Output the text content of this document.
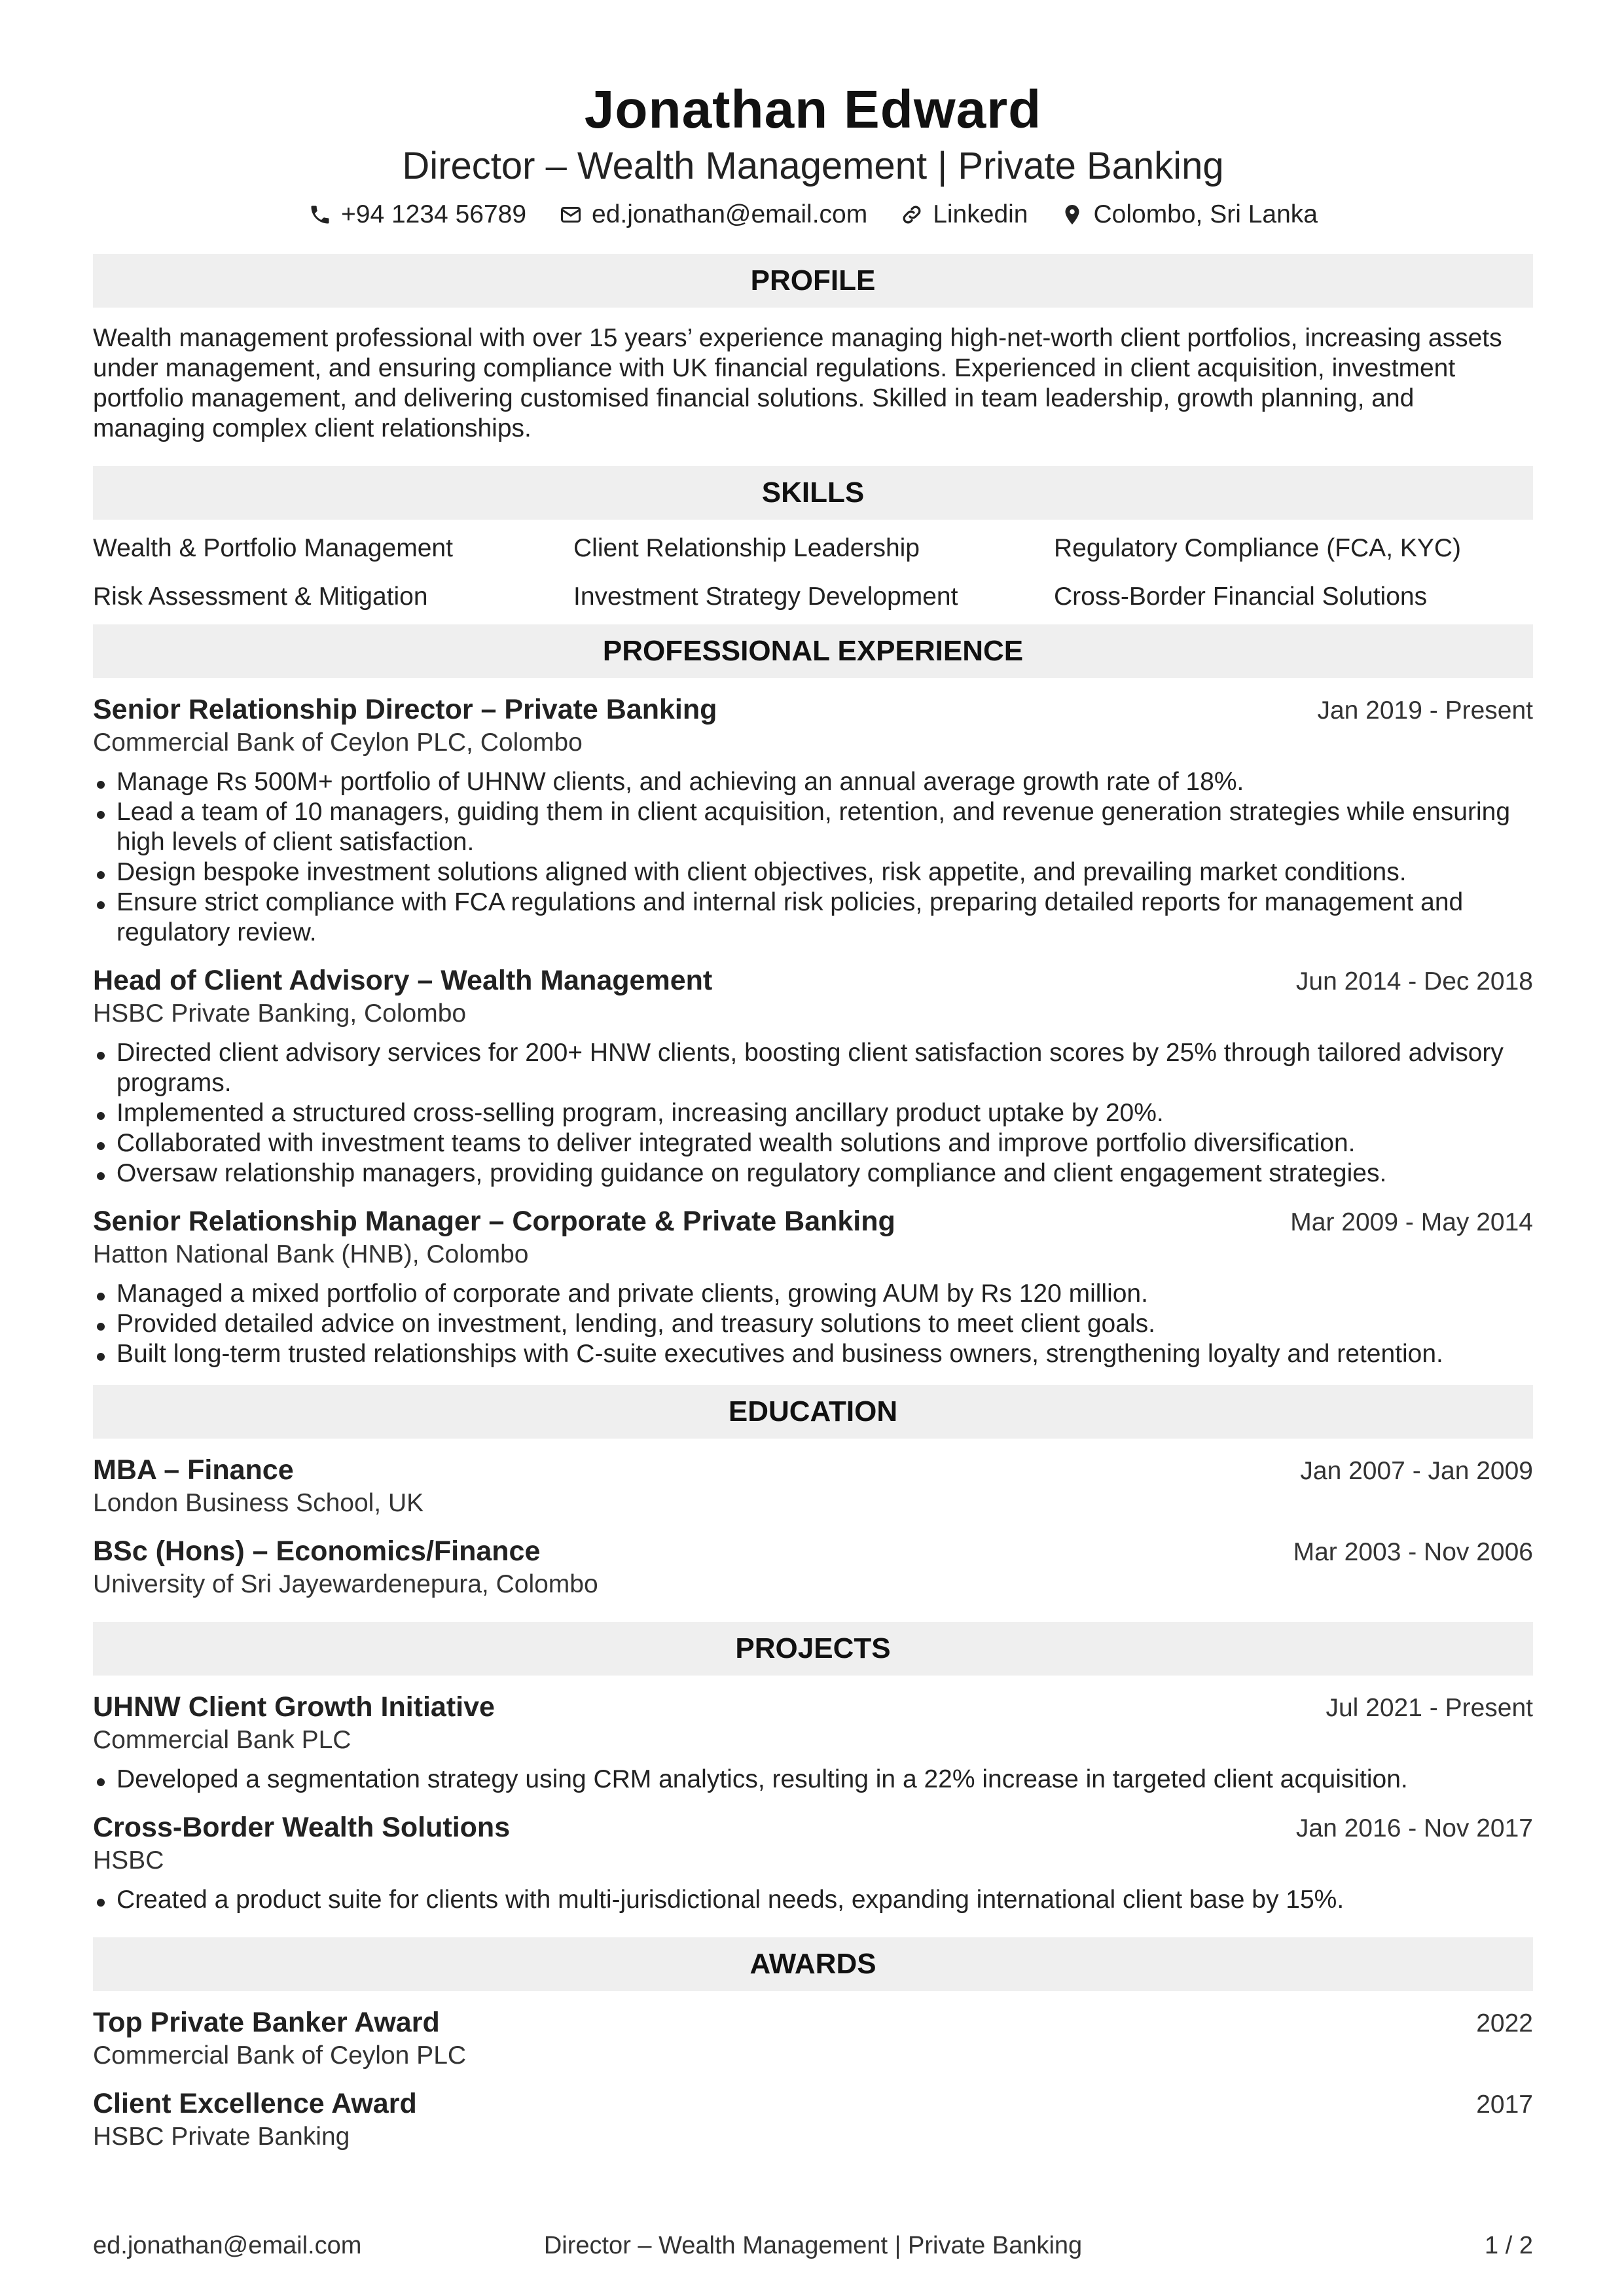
Jonathan Edward
Director – Wealth Management | Private Banking
+94 1234 56789	ed.jonathan@email.com	Linkedin	Colombo, Sri Lanka
PROFILE
Wealth management professional with over 15 years’ experience managing high-net-worth client portfolios, increasing assets under management, and ensuring compliance with UK financial regulations. Experienced in client acquisition, investment portfolio management, and delivering customised financial solutions. Skilled in team leadership, growth planning, and managing complex client relationships.
SKILLS
Wealth & Portfolio Management	Client Relationship Leadership	Regulatory Compliance (FCA, KYC)
Risk Assessment & Mitigation	Investment Strategy Development	Cross-Border Financial Solutions
PROFESSIONAL EXPERIENCE
Senior Relationship Director – Private Banking	Jan 2019 - Present
Commercial Bank of Ceylon PLC, Colombo
Manage Rs 500M+ portfolio of UHNW clients, and achieving an annual average growth rate of 18%.
Lead a team of 10 managers, guiding them in client acquisition, retention, and revenue generation strategies while ensuring high levels of client satisfaction.
Design bespoke investment solutions aligned with client objectives, risk appetite, and prevailing market conditions.
Ensure strict compliance with FCA regulations and internal risk policies, preparing detailed reports for management and regulatory review.
Head of Client Advisory – Wealth Management	Jun 2014 - Dec 2018
HSBC Private Banking, Colombo
Directed client advisory services for 200+ HNW clients, boosting client satisfaction scores by 25% through tailored advisory programs.
Implemented a structured cross-selling program, increasing ancillary product uptake by 20%.
Collaborated with investment teams to deliver integrated wealth solutions and improve portfolio diversification.
Oversaw relationship managers, providing guidance on regulatory compliance and client engagement strategies.
Senior Relationship Manager – Corporate & Private Banking	Mar 2009 - May 2014
Hatton National Bank (HNB), Colombo
Managed a mixed portfolio of corporate and private clients, growing AUM by Rs 120 million.
Provided detailed advice on investment, lending, and treasury solutions to meet client goals.
Built long-term trusted relationships with C-suite executives and business owners, strengthening loyalty and retention.
EDUCATION
MBA – Finance	Jan 2007 - Jan 2009
London Business School, UK
BSc (Hons) – Economics/Finance	Mar 2003 - Nov 2006
University of Sri Jayewardenepura, Colombo
PROJECTS
UHNW Client Growth Initiative	Jul 2021 - Present
Commercial Bank PLC
Developed a segmentation strategy using CRM analytics, resulting in a 22% increase in targeted client acquisition.
Cross-Border Wealth Solutions	Jan 2016 - Nov 2017
HSBC
Created a product suite for clients with multi-jurisdictional needs, expanding international client base by 15%.
AWARDS
Top Private Banker Award	2022
Commercial Bank of Ceylon PLC
Client Excellence Award	2017
HSBC Private Banking
ed.jonathan@email.com	Director – Wealth Management | Private Banking	1 / 2
